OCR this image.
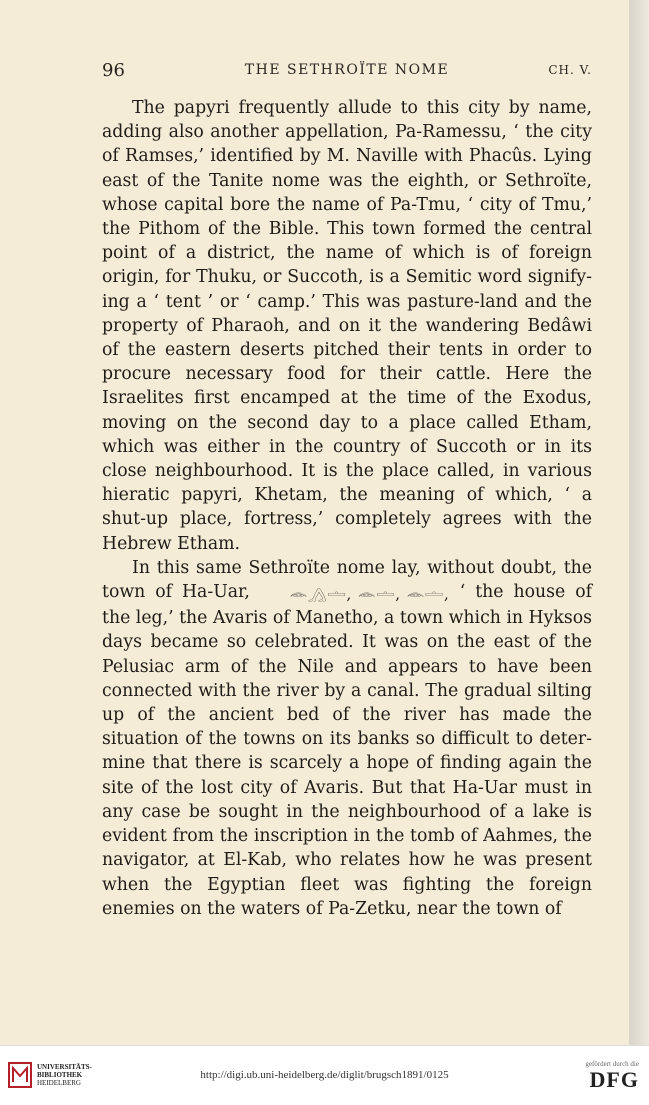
96	THE SETHROÏTE NOME	CH. V.

The papyri frequently allude to this city by name, adding also another appellation, Pa-Ramessu, ‘ the city of Ramses,’ identified by M. Naville with Phacûs. Lying east of the Tanite nome was the eighth, or Sethroïte, whose capital bore the name of Pa-Tmu, ‘ city of Tmu,’ the Pithom of the Bible. This town formed the central point of a district, the name of which is of foreign origin, for Thuku, or Succoth, is a Semitic word signifying a ‘ tent ’ or ‘ camp.’ This was pasture-land and the property of Pharaoh, and on it the wandering Bedâwi of the eastern deserts pitched their tents in order to procure necessary food for their cattle. Here the Israelites first encamped at the time of the Exodus, moving on the second day to a place called Etham, which was either in the country of Succoth or in its close neighbourhood. It is the place called, in various hieratic papyri, Khetam, the meaning of which, ‘ a shut-up place, fortress,’ completely agrees with the Hebrew Etham.

In this same Sethroïte nome lay, without doubt, the town of Ha-Uar,	𓂎𓂻𓏝, 𓂎𓏝, 𓂎𓏝, ‘ the house of the leg,’ the Avaris of Manetho, a town which in Hyksos days became so celebrated. It was on the east of the Pelusiac arm of the Nile and appears to have been connected with the river by a canal. The gradual silting up of the ancient bed of the river has made the situation of the towns on its banks so difficult to determine that there is scarcely a hope of finding again the site of the lost city of Avaris. But that Ha-Uar must in any case be sought in the neighbourhood of a lake is evident from the inscription in the tomb of Aahmes, the navigator, at El-Kab, who relates how he was present when the Egyptian fleet was fighting the foreign enemies on the waters of Pa-Zetku, near the town of

UNIVERSITÄTS-
BIBLIOTHEK
HEIDELBERG
http://digi.ub.uni-heidelberg.de/diglit/brugsch1891/0125
gefördert durch die
DFG
